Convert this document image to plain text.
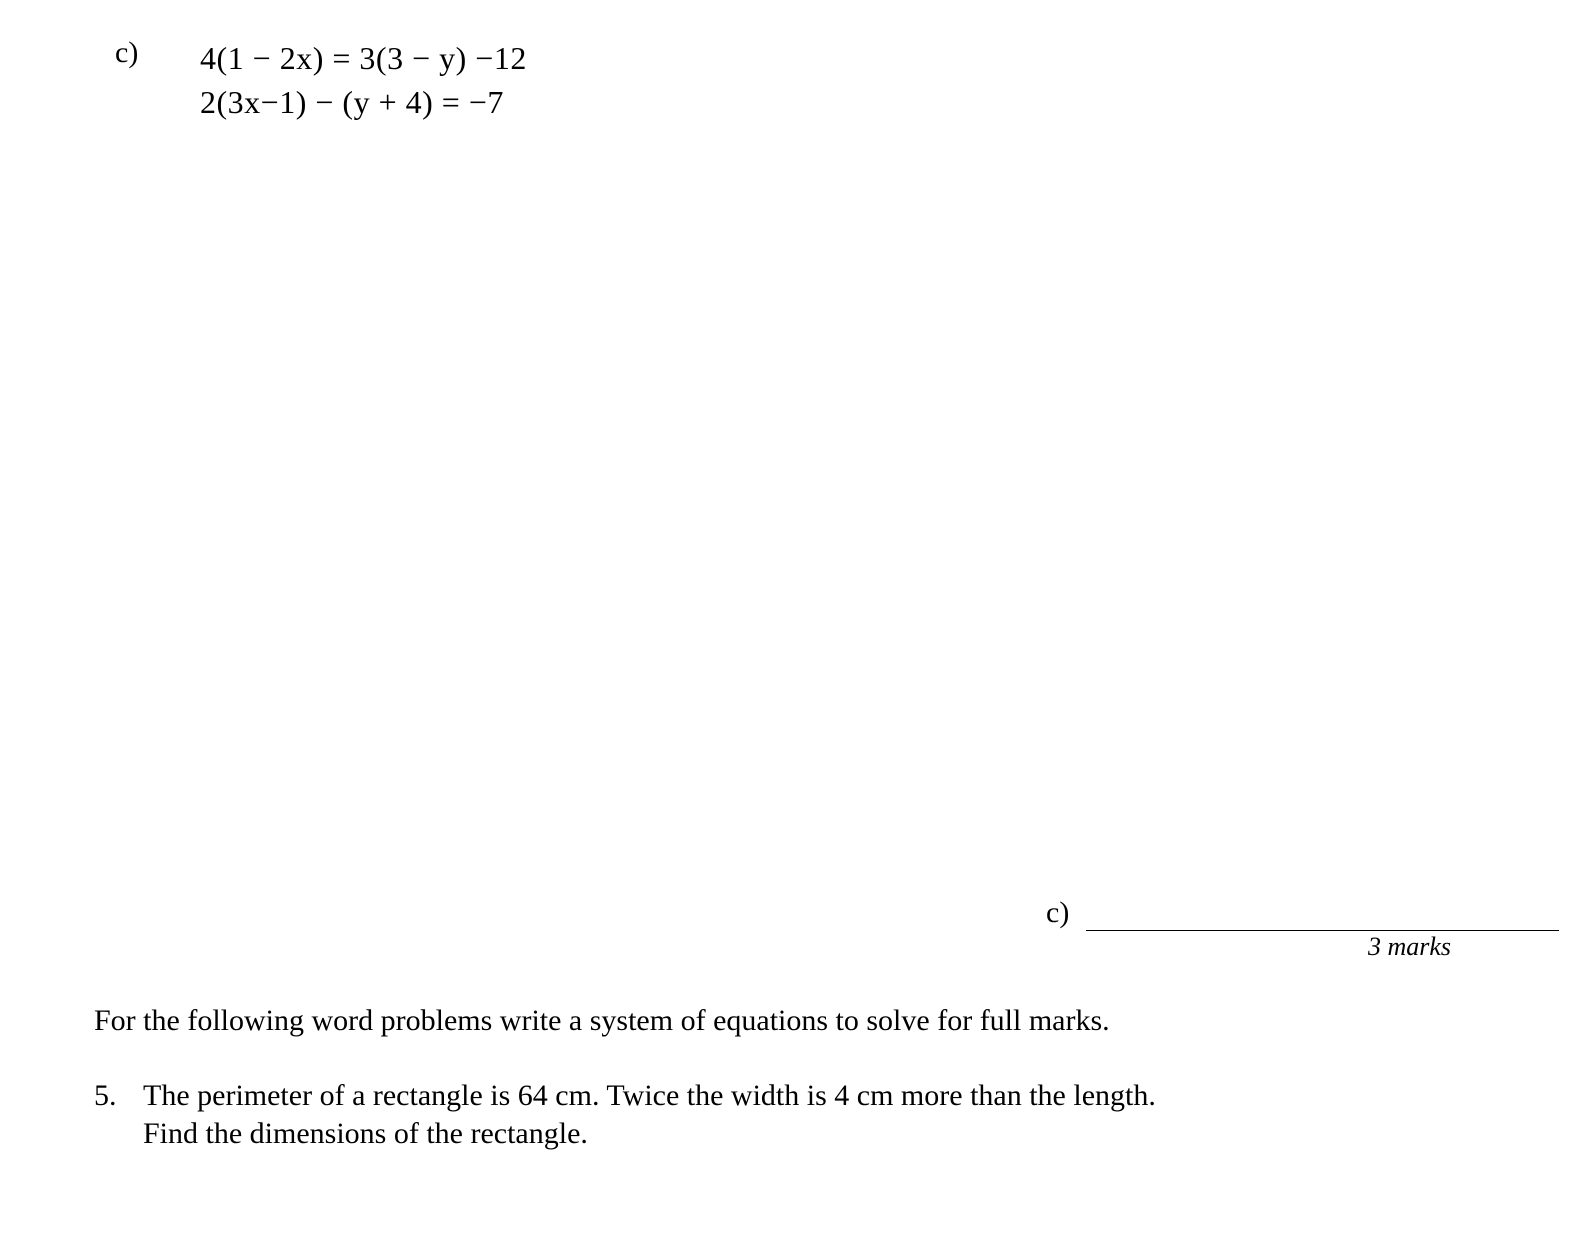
c) 4(1 − 2x) = 3(3 − y) −12
2(3x−1) − (y + 4) = −7
c)
3 marks
For the following word problems write a system of equations to solve for full marks.
5. The perimeter of a rectangle is 64 cm. Twice the width is 4 cm more than the length.
Find the dimensions of the rectangle.
